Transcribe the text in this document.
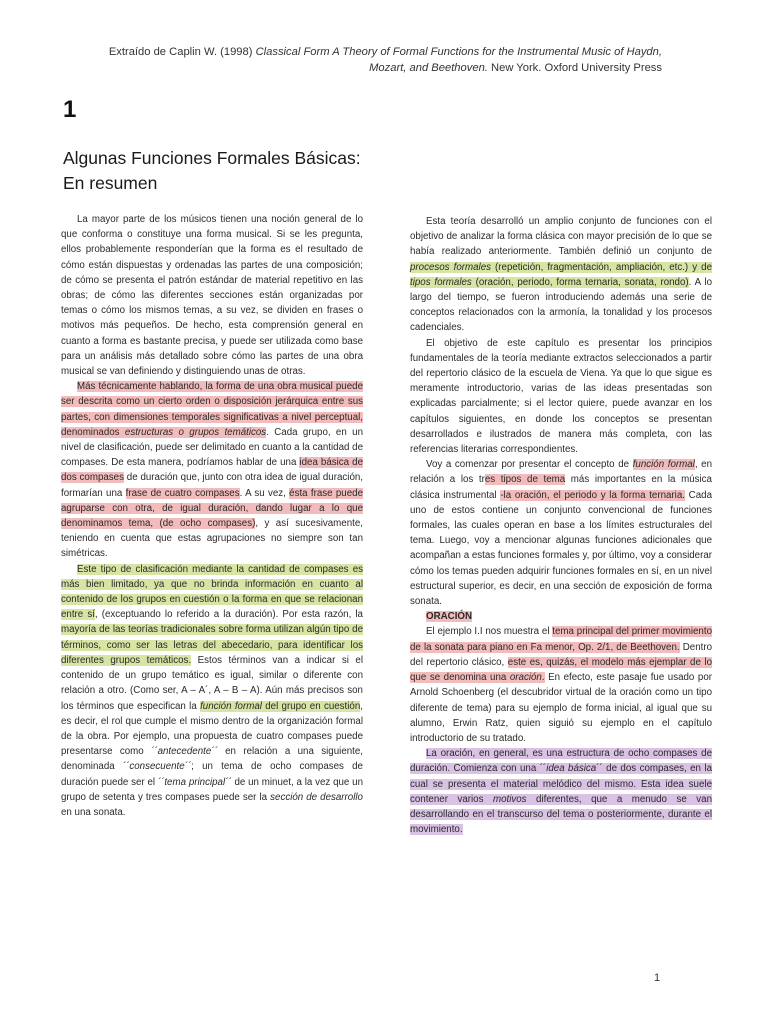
Extraído de Caplin W. (1998) Classical Form A Theory of Formal Functions for the Instrumental Music of Haydn, Mozart, and Beethoven. New York. Oxford University Press
1
Algunas Funciones Formales Básicas:
En resumen

La mayor parte de los músicos tienen una noción general de lo que conforma o constituye una forma musical. Si se les pregunta, ellos probablemente responderían que la forma es el resultado de cómo están dispuestas y ordenadas las partes de una composición; de cómo se presenta el patrón estándar de material repetitivo en las obras; de cómo las diferentes secciones están organizadas por temas o cómo los mismos temas, a su vez, se dividen en frases o motivos más pequeños. De hecho, esta comprensión general en cuanto a forma es bastante precisa, y puede ser utilizada como base para un análisis más detallado sobre cómo las partes de una obra musical se van definiendo y distinguiendo unas de otras.

Más técnicamente hablando, la forma de una obra musical puede ser descrita como un cierto orden o disposición jerárquica entre sus partes, con dimensiones temporales significativas a nivel perceptual, denominados estructuras o grupos temáticos. Cada grupo, en un nivel de clasificación, puede ser delimitado en cuanto a la cantidad de compases. De esta manera, podríamos hablar de una idea básica de dos compases de duración que, junto con otra idea de igual duración, formarían una frase de cuatro compases. A su vez, ésta frase puede agruparse con otra, de igual duración, dando lugar a lo que denominamos tema, (de ocho compases), y así sucesivamente, teniendo en cuenta que estas agrupaciones no siempre son tan simétricas.

Este tipo de clasificación mediante la cantidad de compases es más bien limitado, ya que no brinda información en cuanto al contenido de los grupos en cuestión o la forma en que se relacionan entre sí, (exceptuando lo referido a la duración). Por esta razón, la mayoría de las teorías tradicionales sobre forma utilizan algún tipo de términos, como ser las letras del abecedario, para identificar los diferentes grupos temáticos. Estos términos van a indicar si el contenido de un grupo temático es igual, similar o diferente con relación a otro. (Como ser, A – A´, A – B – A). Aún más precisos son los términos que especifican la función formal del grupo en cuestión, es decir, el rol que cumple el mismo dentro de la organización formal de la obra. Por ejemplo, una propuesta de cuatro compases puede presentarse como ´´antecedente´´ en relación a una siguiente, denominada ´´consecuente´´; un tema de ocho compases de duración puede ser el ´´tema principal´´ de un minuet, a la vez que un grupo de setenta y tres compases puede ser la sección de desarrollo en una sonata.

Esta teoría desarrolló un amplio conjunto de funciones con el objetivo de analizar la forma clásica con mayor precisión de lo que se había realizado anteriormente. También definió un conjunto de procesos formales (repetición, fragmentación, ampliación, etc.) y de tipos formales (oración, periodo, forma ternaria, sonata, rondo). A lo largo del tiempo, se fueron introduciendo además una serie de conceptos relacionados con la armonía, la tonalidad y los procesos cadenciales.

El objetivo de este capítulo es presentar los principios fundamentales de la teoría mediante extractos seleccionados a partir del repertorio clásico de la escuela de Viena. Ya que lo que sigue es meramente introductorio, varias de las ideas presentadas son explicadas parcialmente; si el lector quiere, puede avanzar en los capítulos siguientes, en donde los conceptos se presentan desarrollados e ilustrados de manera más completa, con las referencias literarias correspondientes.

Voy a comenzar por presentar el concepto de función formal, en relación a los tres tipos de tema más importantes en la música clásica instrumental -la oración, el periodo y la forma ternaria. Cada uno de estos contiene un conjunto convencional de funciones formales, las cuales operan en base a los límites estructurales del tema. Luego, voy a mencionar algunas funciones adicionales que acompañan a estas funciones formales y, por último, voy a considerar cómo los temas pueden adquirir funciones formales en sí, en un nivel estructural superior, es decir, en una sección de exposición de forma sonata.

ORACIÓN

El ejemplo I.I nos muestra el tema principal del primer movimiento de la sonata para piano en Fa menor, Op. 2/1, de Beethoven. Dentro del repertorio clásico, este es, quizás, el modelo más ejemplar de lo que se denomina una oración. En efecto, este pasaje fue usado por Arnold Schoenberg (el descubridor virtual de la oración como un tipo diferente de tema) para su ejemplo de forma inicial, al igual que su alumno, Erwin Ratz, quien siguió su ejemplo en el capítulo introductorio de su tratado.

La oración, en general, es una estructura de ocho compases de duración. Comienza con una ´´idea básica´´ de dos compases, en la cual se presenta el material melódico del mismo. Esta idea suele contener varios motivos diferentes, que a menudo se van desarrollando en el transcurso del tema o posteriormente, durante el movimiento.

1
